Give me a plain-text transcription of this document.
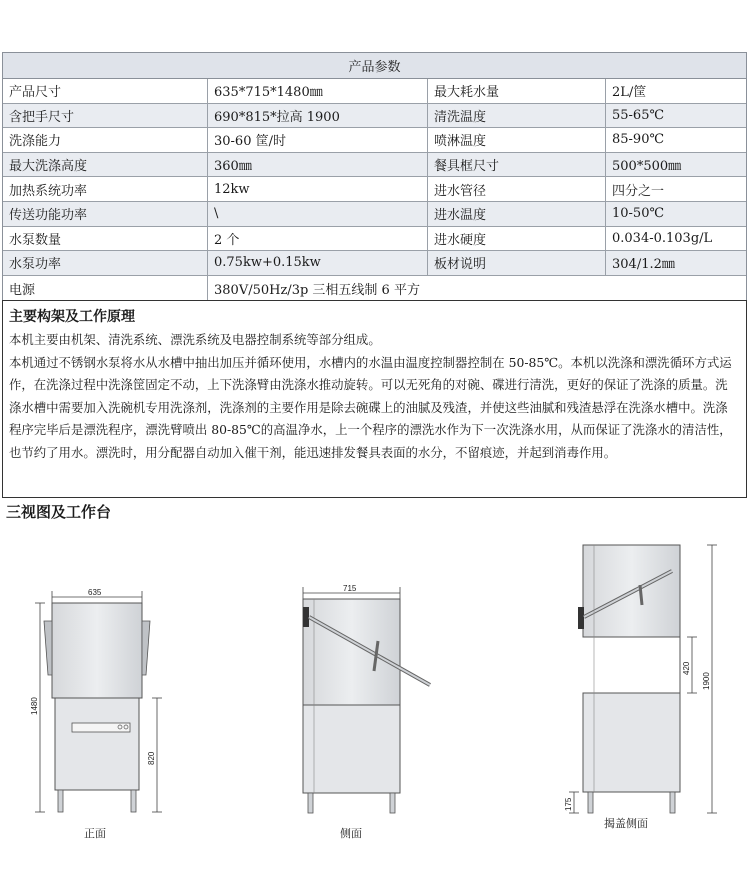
产品参数
产品尺寸	635*715*1480㎜	最大耗水量	2L/筐
含把手尺寸	690*815*拉高 1900	清洗温度	55-65℃
洗涤能力	30-60 筐/时	喷淋温度	85-90℃
最大洗涤高度	360㎜	餐具框尺寸	500*500㎜
加热系统功率	12kw	进水管径	四分之一
传送功能功率	\	进水温度	10-50℃
水泵数量	2 个	进水硬度	0.034-0.103g/L
水泵功率	0.75kw+0.15kw	板材说明	304/1.2㎜
电源	380V/50Hz/3p 三相五线制 6 平方
主要构架及工作原理

本机主要由机架、清洗系统、漂洗系统及电器控制系统等部分组成。

本机通过不锈钢水泵将水从水槽中抽出加压并循环使用，水槽内的水温由温度控制器控制在 50-85℃。本机以洗涤和漂洗循环方式运作，在洗涤过程中洗涤筐固定不动，上下洗涤臂由洗涤水推动旋转。可以无死角的对碗、碟进行清洗，更好的保证了洗涤的质量。洗涤水槽中需要加入洗碗机专用洗涤剂，洗涤剂的主要作用是除去碗碟上的油腻及残渣，并使这些油腻和残渣悬浮在洗涤水槽中。洗涤程序完毕后是漂洗程序，漂洗臂喷出 80-85℃的高温净水，上一个程序的漂洗水作为下一次洗涤水用，从而保证了洗涤水的清洁性，也节约了用水。漂洗时，用分配器自动加入催干剂，能迅速排发餐具表面的水分，不留痕迹，并起到消毒作用。

三视图及工作台
635
1480
820
正面
715
侧面
420
1900
175
揭盖侧面
